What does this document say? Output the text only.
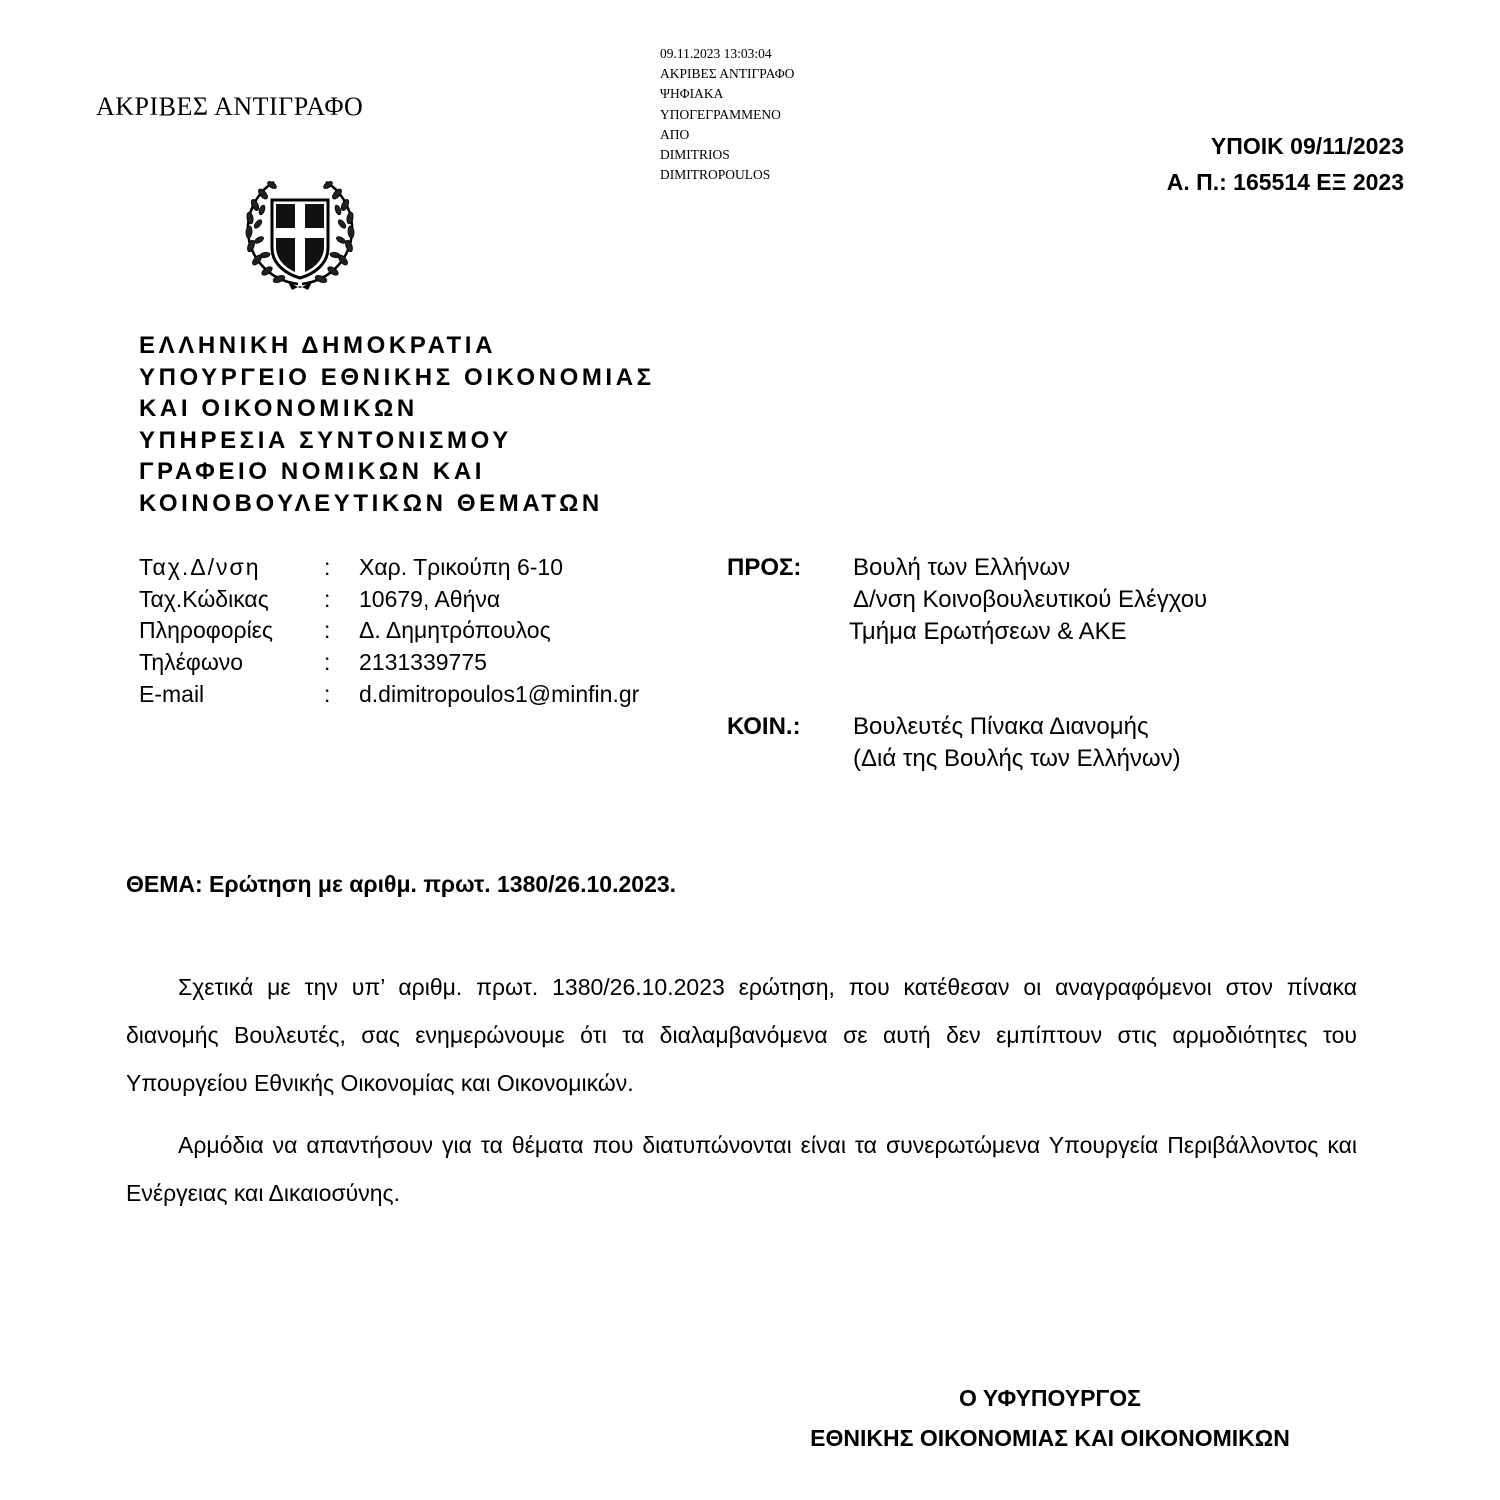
ΑΚΡΙΒΕΣ ΑΝΤΙΓΡΑΦΟ
09.11.2023 13:03:04
ΑΚΡΙΒΕΣ ΑΝΤΙΓΡΑΦΟ
ΨΗΦΙΑΚΑ
ΥΠΟΓΕΓΡΑΜΜΕΝΟ
ΑΠΟ
DIMITRIOS
DIMITROPOULOS
ΥΠΟΙΚ 09/11/2023
Α. Π.: 165514 ΕΞ 2023
ΕΛΛΗΝΙΚΗ ΔΗΜΟΚΡΑΤΙΑ
ΥΠΟΥΡΓΕΙΟ ΕΘΝΙΚΗΣ ΟΙΚΟΝΟΜΙΑΣ
ΚΑΙ ΟΙΚΟΝΟΜΙΚΩΝ
ΥΠΗΡΕΣΙΑ ΣΥΝΤΟΝΙΣΜΟΥ
ΓΡΑΦΕΙΟ ΝΟΜΙΚΩΝ ΚΑΙ
ΚΟΙΝΟΒΟΥΛΕΥΤΙΚΩΝ ΘΕΜΑΤΩΝ
Ταχ.Δ/νση	: Χαρ. Τρικούπη 6-10
Ταχ.Κώδικας : 10679, Αθήνα
Πληροφορίες : Δ. Δημητρόπουλος
Τηλέφωνο	: 2131339775
E-mail	: d.dimitropoulos1@minfin.gr
ΠΡΟΣ: Βουλή των Ελλήνων
Δ/νση Κοινοβουλευτικού Ελέγχου
Τμήμα Ερωτήσεων & ΑΚΕ
ΚΟΙΝ.: Βουλευτές Πίνακα Διανομής
(Διά της Βουλής των Ελλήνων)
ΘΕΜΑ: Ερώτηση με αριθμ. πρωτ. 1380/26.10.2023.

Σχετικά με την υπ’ αριθμ. πρωτ. 1380/26.10.2023 ερώτηση, που κατέθεσαν οι αναγραφόμενοι στον πίνακα διανομής Βουλευτές, σας ενημερώνουμε ότι τα διαλαμβανόμενα σε αυτή δεν εμπίπτουν στις αρμοδιότητες του Υπουργείου Εθνικής Οικονομίας και Οικονομικών.

Αρμόδια να απαντήσουν για τα θέματα που διατυπώνονται είναι τα συνερωτώμενα Υπουργεία Περιβάλλοντος και Ενέργειας και Δικαιοσύνης.

Ο ΥΦΥΠΟΥΡΓΟΣ
ΕΘΝΙΚΗΣ ΟΙΚΟΝΟΜΙΑΣ ΚΑΙ ΟΙΚΟΝΟΜΙΚΩΝ
